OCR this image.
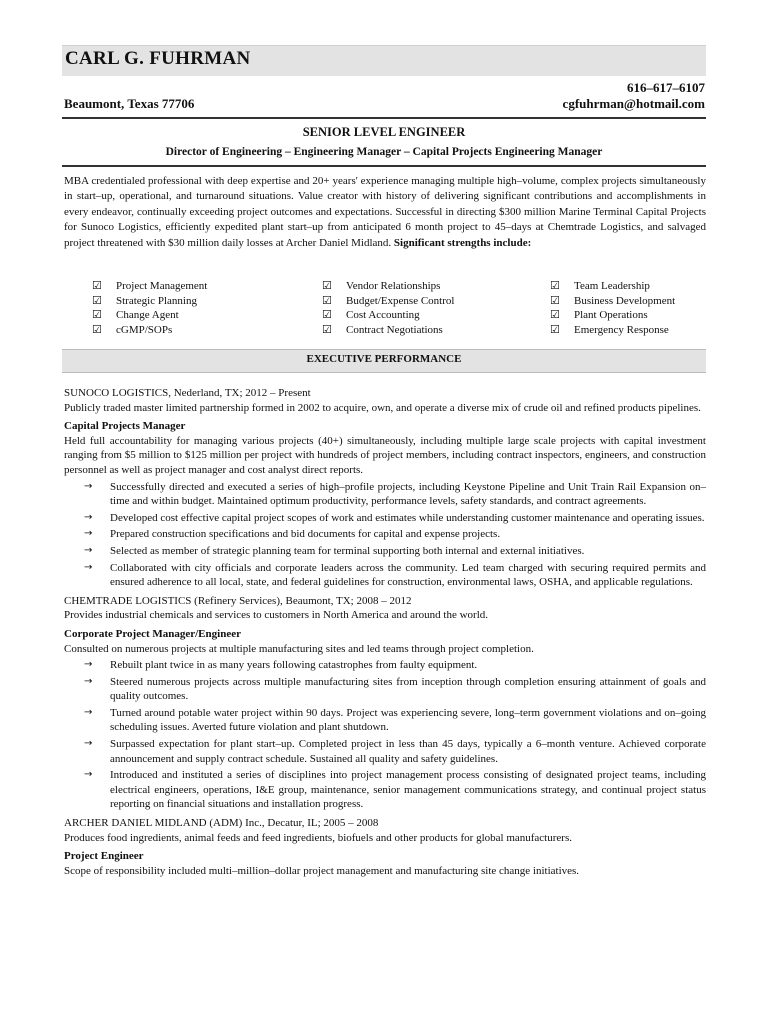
CARL G. FUHRMAN
616–617–6107
Beaumont, Texas 77706	cgfuhrman@hotmail.com
SENIOR LEVEL ENGINEER
Director of Engineering – Engineering Manager – Capital Projects Engineering Manager
MBA credentialed professional with deep expertise and 20+ years' experience managing multiple high–volume, complex projects simultaneously in start–up, operational, and turnaround situations. Value creator with history of delivering significant contributions and accomplishments in every endeavor, continually exceeding project outcomes and expectations. Successful in directing $300 million Marine Terminal Capital Projects for Sunoco Logistics, efficiently expedited plant start–up from anticipated 6 month project to 45–days at Chemtrade Logistics, and salvaged project threatened with $30 million daily losses at Archer Daniel Midland. Significant strengths include:
☑ Project Management
☑ Strategic Planning
☑ Change Agent
☑ cGMP/SOPs
☑ Vendor Relationships
☑ Budget/Expense Control
☑ Cost Accounting
☑ Contract Negotiations
☑ Team Leadership
☑ Business Development
☑ Plant Operations
☑ Emergency Response
EXECUTIVE PERFORMANCE

SUNOCO LOGISTICS, Nederland, TX; 2012 – Present

Publicly traded master limited partnership formed in 2002 to acquire, own, and operate a diverse mix of crude oil and refined products pipelines.

Capital Projects Manager

Held full accountability for managing various projects (40+) simultaneously, including multiple large scale projects with capital investment ranging from $5 million to $125 million per project with hundreds of project members, including contract inspectors, engineers, and construction personnel as well as project manager and cost analyst direct reports.

→ Successfully directed and executed a series of high–profile projects, including Keystone Pipeline and Unit Train Rail Expansion on–time and within budget. Maintained optimum productivity, performance levels, safety standards, and contract agreements.
→ Developed cost effective capital project scopes of work and estimates while understanding customer maintenance and operating issues.
→ Prepared construction specifications and bid documents for capital and expense projects.
→ Selected as member of strategic planning team for terminal supporting both internal and external initiatives.
→ Collaborated with city officials and corporate leaders across the community. Led team charged with securing required permits and ensured adherence to all local, state, and federal guidelines for construction, environmental laws, OSHA, and applicable regulations.

CHEMTRADE LOGISTICS (Refinery Services), Beaumont, TX; 2008 – 2012

Provides industrial chemicals and services to customers in North America and around the world.

Corporate Project Manager/Engineer

Consulted on numerous projects at multiple manufacturing sites and led teams through project completion.

→ Rebuilt plant twice in as many years following catastrophes from faulty equipment.
→ Steered numerous projects across multiple manufacturing sites from inception through completion ensuring attainment of goals and quality outcomes.
→ Turned around potable water project within 90 days. Project was experiencing severe, long–term government violations and on–going scheduling issues. Averted future violation and plant shutdown.
→ Surpassed expectation for plant start–up. Completed project in less than 45 days, typically a 6–month venture. Achieved corporate announcement and supply contract schedule. Sustained all quality and safety guidelines.
→ Introduced and instituted a series of disciplines into project management process consisting of designated project teams, including electrical engineers, operations, I&E group, maintenance, senior management communications strategy, and continual project status reporting on financial situations and installation progress.

ARCHER DANIEL MIDLAND (ADM) Inc., Decatur, IL; 2005 – 2008

Produces food ingredients, animal feeds and feed ingredients, biofuels and other products for global manufacturers.

Project Engineer

Scope of responsibility included multi–million–dollar project management and manufacturing site change initiatives.
